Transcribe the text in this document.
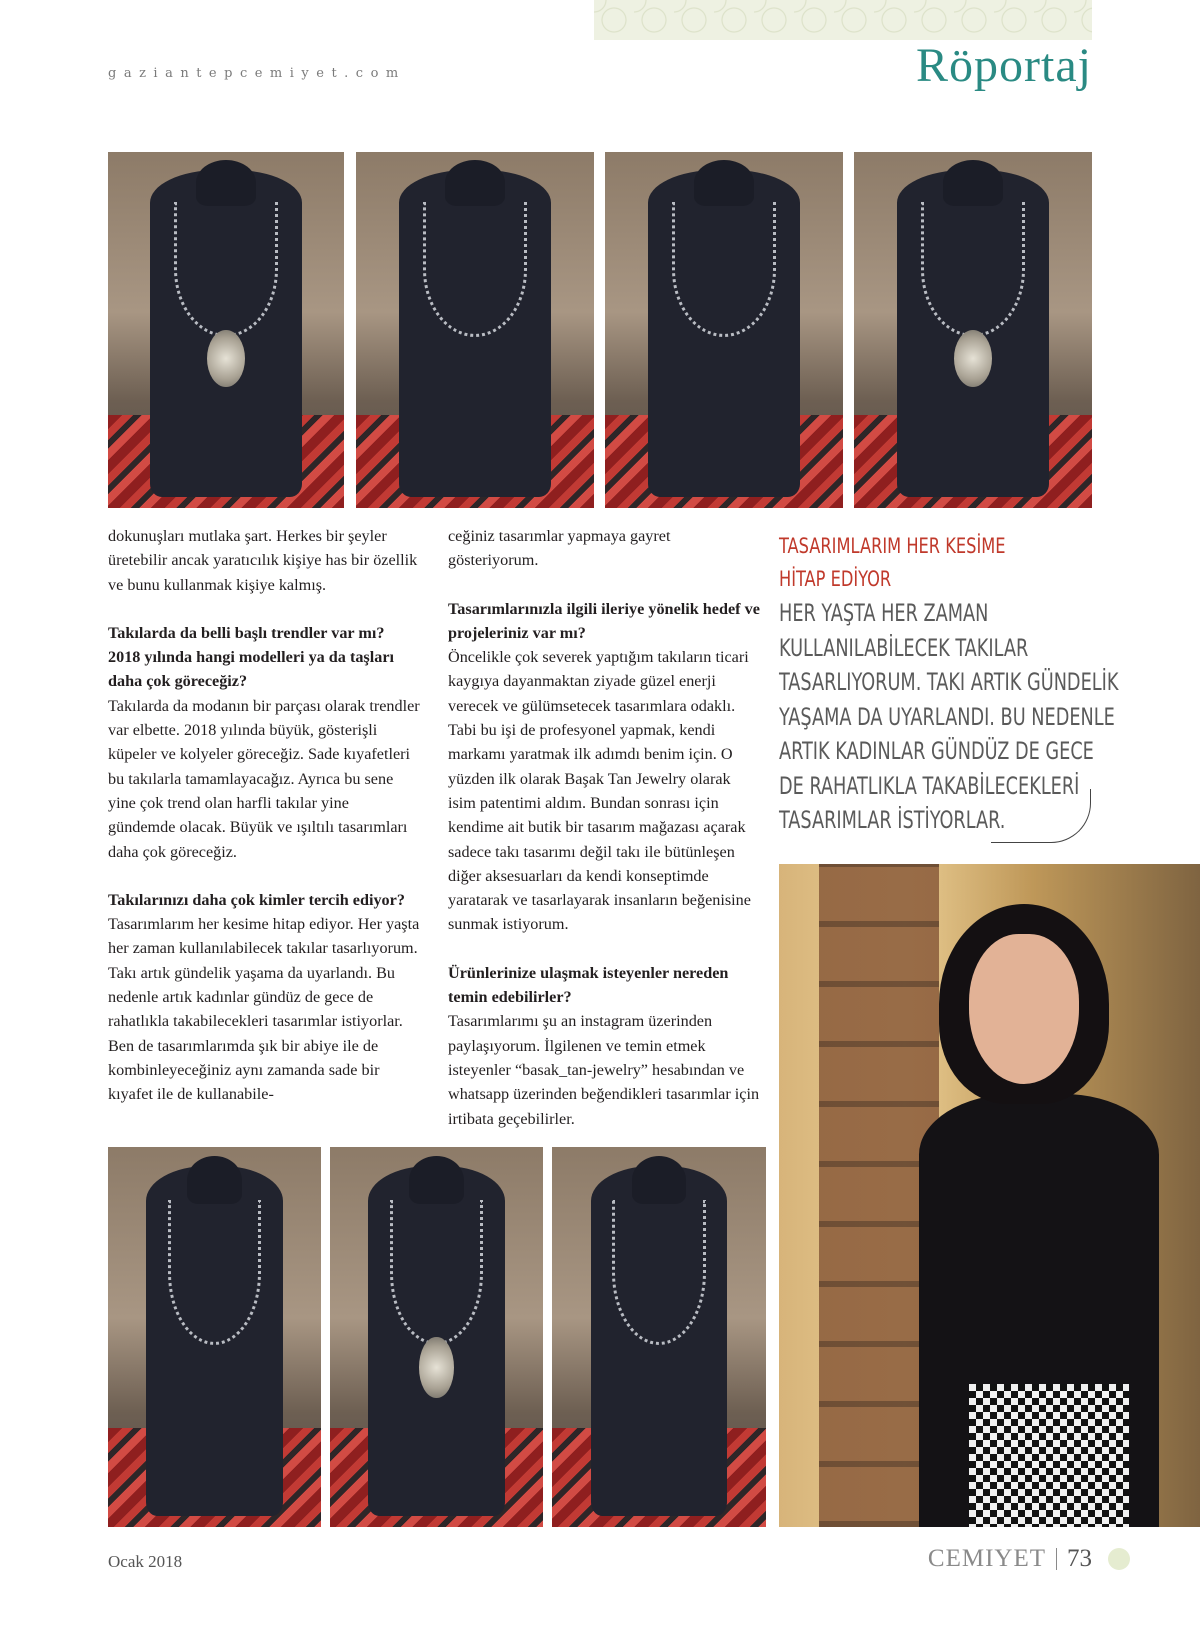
gaziantepcemiyet.com	Röportaj

dokunuşları mutlaka şart. Herkes bir şeyler üretebilir ancak yaratıcılık kişiye has bir özellik ve bunu kullanmak kişiye kalmış.

Takılarda da belli başlı trendler var mı? 2018 yılında hangi modelleri ya da taşları daha çok göreceğiz?

Takılarda da modanın bir parçası olarak trendler var elbette. 2018 yılında büyük, gösterişli küpeler ve kolyeler göreceğiz. Sade kıyafetleri bu takılarla tamamlayacağız. Ayrıca bu sene yine çok trend olan harfli takılar yine gündemde olacak. Büyük ve ışıltılı tasarımları daha çok göreceğiz.

Takılarınızı daha çok kimler tercih ediyor?

Tasarımlarım her kesime hitap ediyor. Her yaşta her zaman kullanılabilecek takılar tasarlıyorum. Takı artık gündelik yaşama da uyarlandı. Bu nedenle artık kadınlar gündüz de gece de rahatlıkla takabilecekleri tasarımlar istiyorlar. Ben de tasarımlarımda şık bir abiye ile de kombinleyeceğiniz aynı zamanda sade bir kıyafet ile de kullanabile-

ceğiniz tasarımlar yapmaya gayret gösteriyorum.

Tasarımlarınızla ilgili ileriye yönelik hedef ve projeleriniz var mı?

Öncelikle çok severek yaptığım takıların ticari kaygıya dayanmaktan ziyade güzel enerji verecek ve gülümsetecek tasarımlara odaklı. Tabi bu işi de profesyonel yapmak, kendi markamı yaratmak ilk adımdı benim için. O yüzden ilk olarak Başak Tan Jewelry olarak isim patentimi aldım. Bundan sonrası için kendime ait butik bir tasarım mağazası açarak sadece takı tasarımı değil takı ile bütünleşen diğer aksesuarları da kendi konseptimde yaratarak ve tasarlayarak insanların beğenisine sunmak istiyorum.

Ürünlerinize ulaşmak isteyenler nereden temin edebilirler?

Tasarımlarımı şu an instagram üzerinden paylaşıyorum. İlgilenen ve temin etmek isteyenler “basak_tan-jewelry” hesabından ve whatsapp üzerinden beğendikleri tasarımlar için irtibata geçebilirler.

TASARIMLARIM HER KESİME
HİTAP EDİYOR
HER YAŞTA HER ZAMAN
KULLANILABİLECEK TAKILAR
TASARLIYORUM. TAKI ARTIK GÜNDELİK
YAŞAMA DA UYARLANDI. BU NEDENLE
ARTIK KADINLAR GÜNDÜZ DE GECE
DE RAHATLIKLA TAKABİLECEKLERİ
TASARIMLAR İSTİYORLAR.
Ocak 2018	CEMIYET 73
